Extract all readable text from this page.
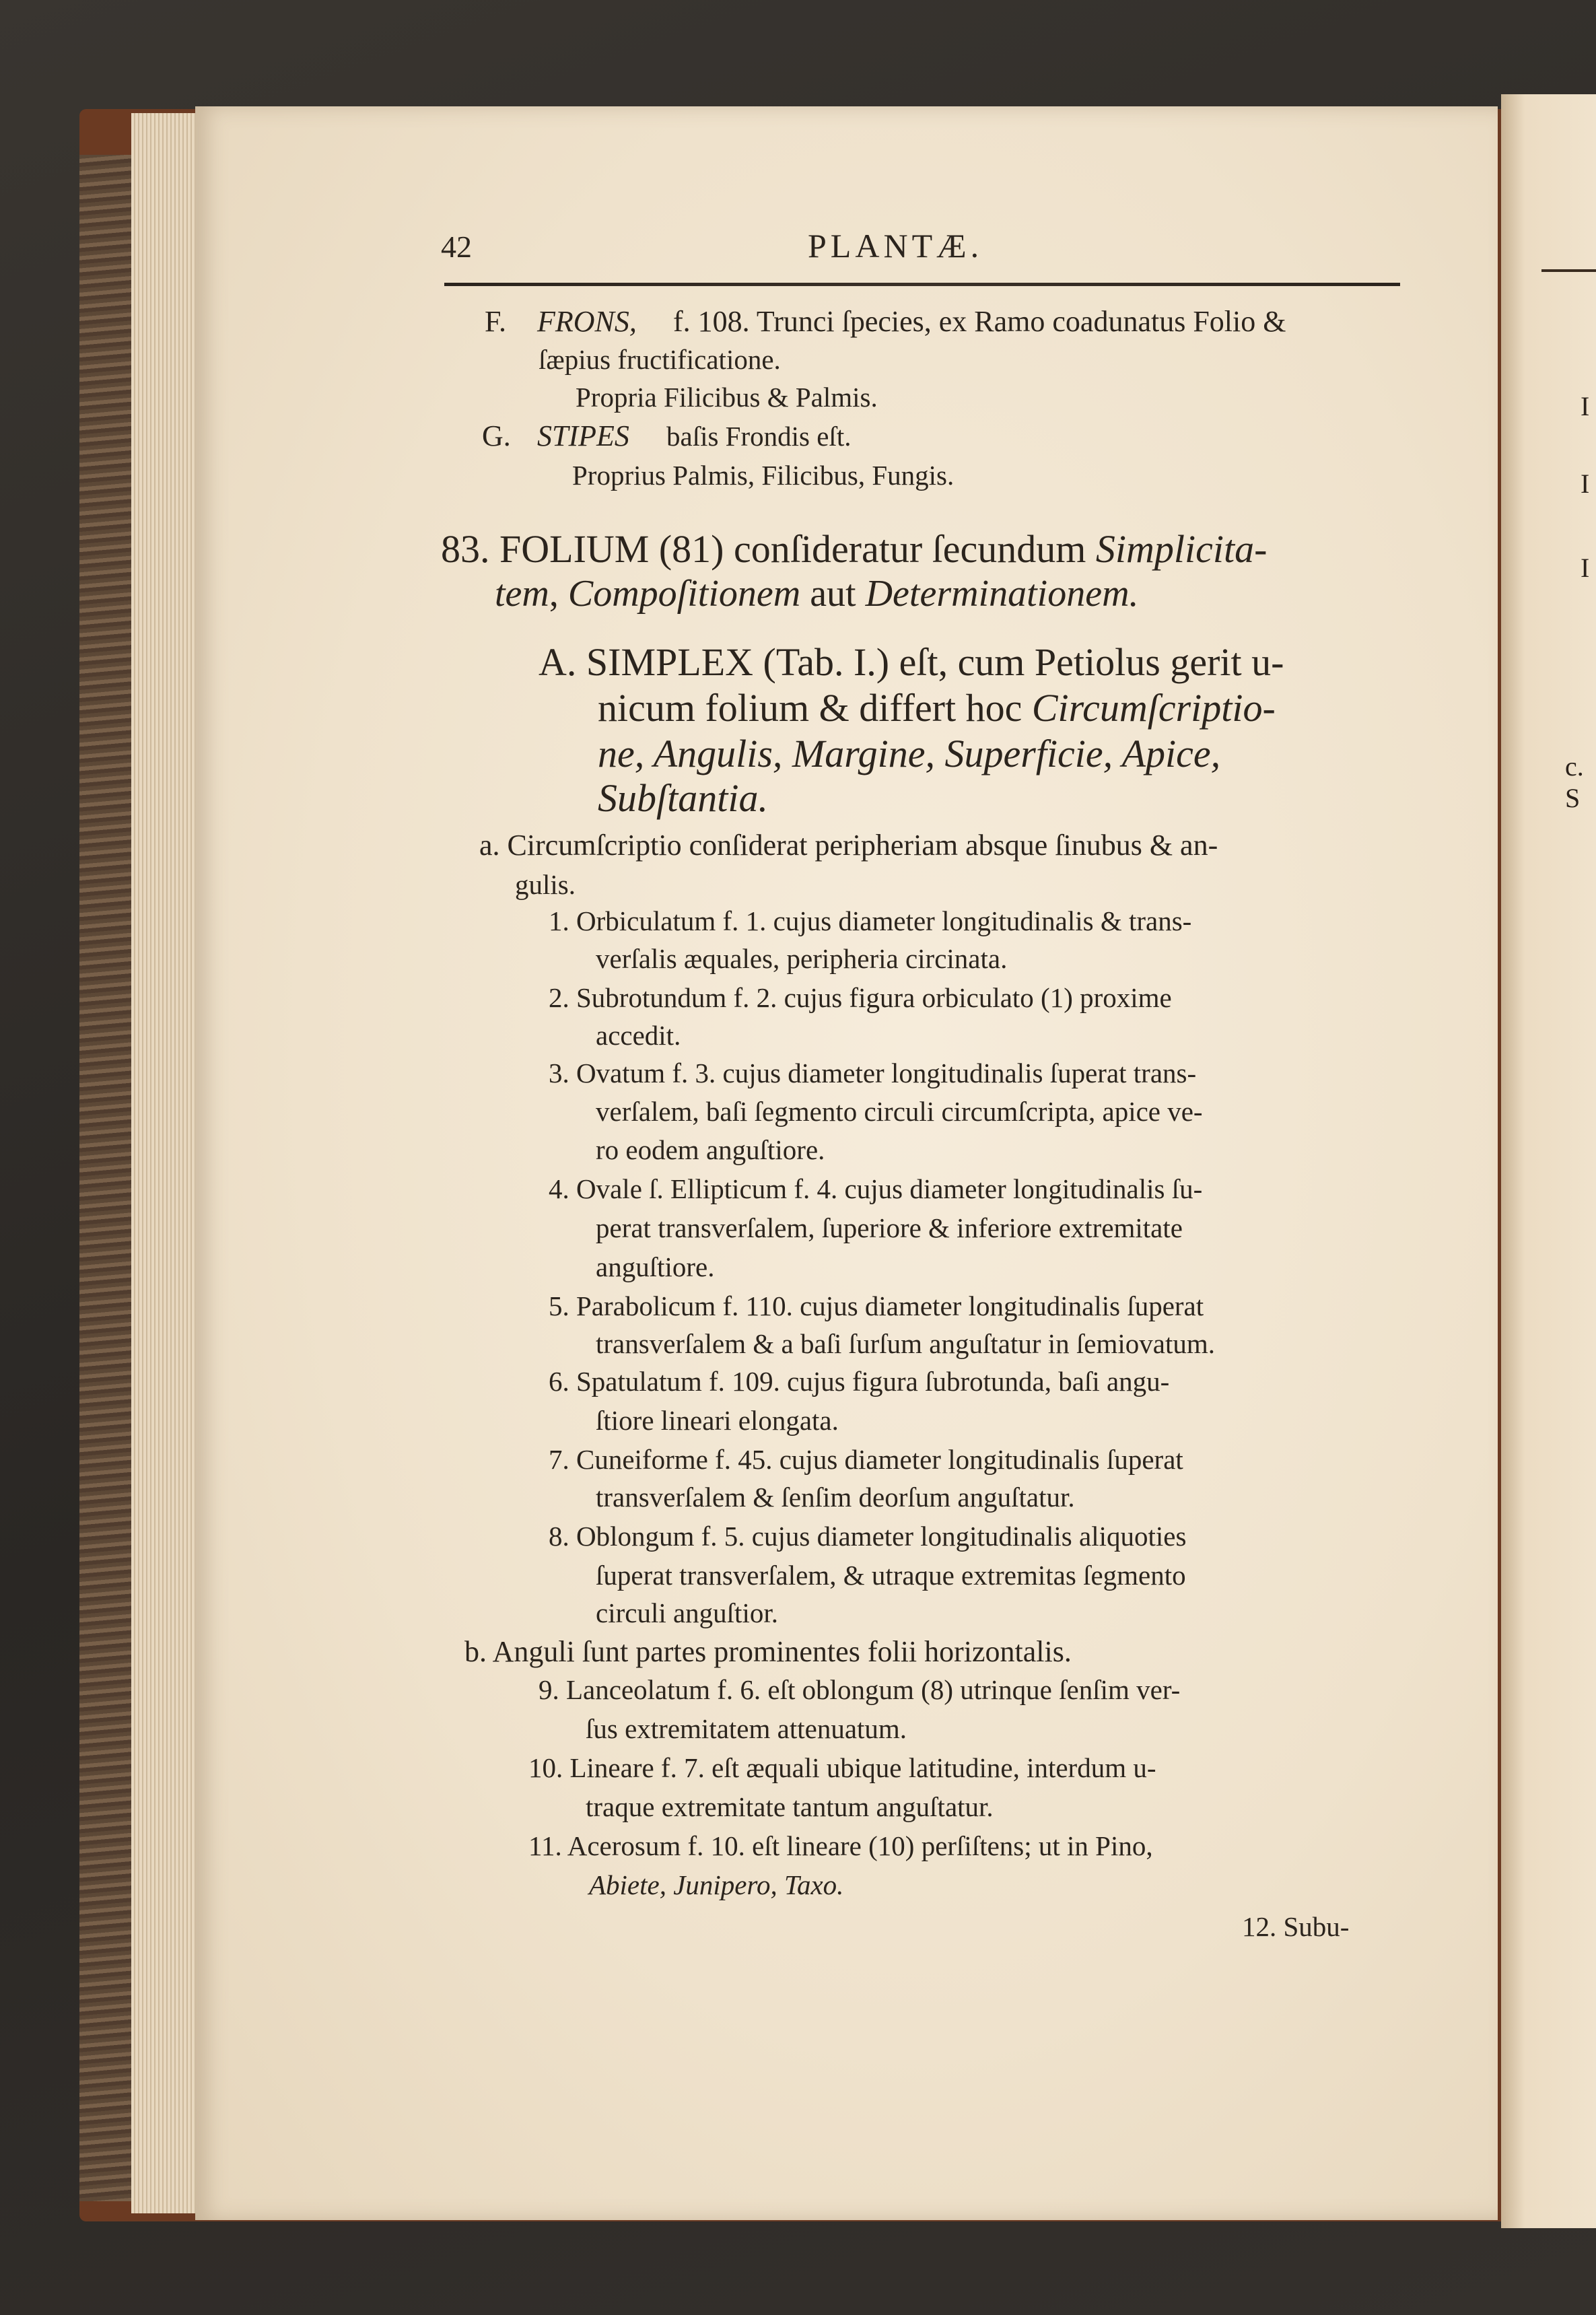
I
I
I
c. S
42	PLANTÆ.
F. FRONS, f. 108. Trunci ſpecies, ex Ramo coadunatus Folio &
ſæpius fructificatione.
Propria Filicibus & Palmis.
G. STIPES baſis Frondis eſt.
Proprius Palmis, Filicibus, Fungis.
83. FOLIUM (81) conſideratur ſecundum Simplicita-
tem, Compoſitionem aut Determinationem.
A. SIMPLEX (Tab. I.) eſt, cum Petiolus gerit u-
nicum folium & differt hoc Circumſcriptio-
ne, Angulis, Margine, Superficie, Apice,
Subſtantia.
a. Circumſcriptio conſiderat peripheriam absque ſinubus & an-
gulis.
1. Orbiculatum f. 1. cujus diameter longitudinalis & trans-
verſalis æquales, peripheria circinata.
2. Subrotundum f. 2. cujus figura orbiculato (1) proxime
accedit.
3. Ovatum f. 3. cujus diameter longitudinalis ſuperat trans-
verſalem, baſi ſegmento circuli circumſcripta, apice ve-
ro eodem anguſtiore.
4. Ovale ſ. Ellipticum f. 4. cujus diameter longitudinalis ſu-
perat transverſalem, ſuperiore & inferiore extremitate
anguſtiore.
5. Parabolicum f. 110. cujus diameter longitudinalis ſuperat
transverſalem & a baſi ſurſum anguſtatur in ſemiovatum.
6. Spatulatum f. 109. cujus figura ſubrotunda, baſi angu-
ſtiore lineari elongata.
7. Cuneiforme f. 45. cujus diameter longitudinalis ſuperat
transverſalem & ſenſim deorſum anguſtatur.
8. Oblongum f. 5. cujus diameter longitudinalis aliquoties
ſuperat transverſalem, & utraque extremitas ſegmento
circuli anguſtior.
b. Anguli ſunt partes prominentes folii horizontalis.
9. Lanceolatum f. 6. eſt oblongum (8) utrinque ſenſim ver-
ſus extremitatem attenuatum.
10. Lineare f. 7. eſt æquali ubique latitudine, interdum u-
traque extremitate tantum anguſtatur.
11. Acerosum f. 10. eſt lineare (10) perſiſtens; ut in Pino,
Abiete, Junipero, Taxo.
12. Subu-
